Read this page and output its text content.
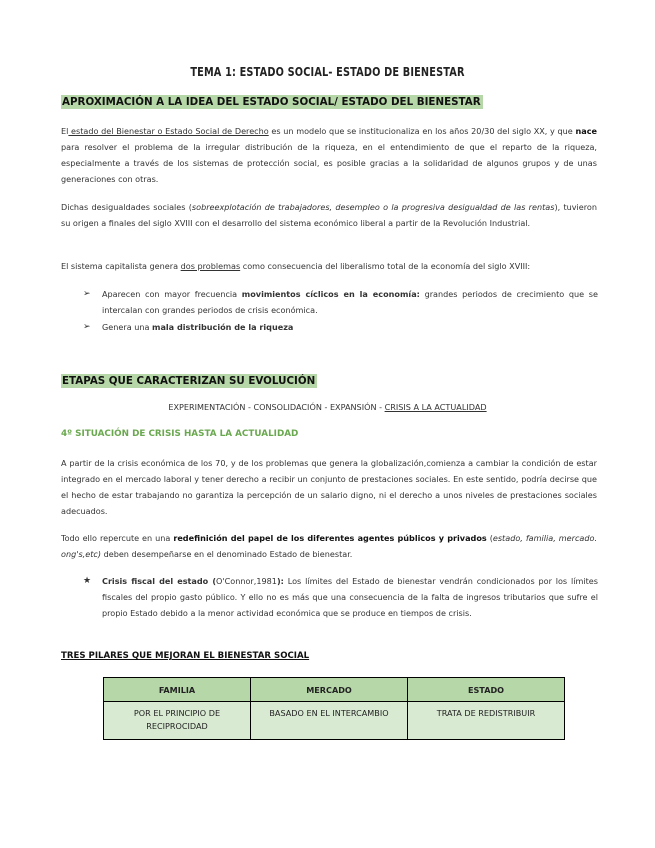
TEMA 1: ESTADO SOCIAL- ESTADO DE BIENESTAR
APROXIMACIÓN A LA IDEA DEL ESTADO SOCIAL/ ESTADO DEL BIENESTAR
El estado del Bienestar o Estado Social de Derecho es un modelo que se institucionaliza en los años 20/30 del siglo XX, y que nace para resolver el problema de la irregular distribución de la riqueza, en el entendimiento de que el reparto de la riqueza, especialmente a través de los sistemas de protección social, es posible gracias a la solidaridad de algunos grupos y de unas generaciones con otras.
Dichas desigualdades sociales (sobreexplotación de trabajadores, desempleo o la progresiva desigualdad de las rentas), tuvieron su origen a finales del siglo XVIII con el desarrollo del sistema económico liberal a partir de la Revolución Industrial.
El sistema capitalista genera dos problemas como consecuencia del liberalismo total de la economía del siglo XVIII:
➢ Aparecen con mayor frecuencia movimientos cíclicos en la economía: grandes periodos de crecimiento que se intercalan con grandes periodos de crisis económica.
➢ Genera una mala distribución de la riqueza
ETAPAS QUE CARACTERIZAN SU EVOLUCIÓN
EXPERIMENTACIÓN - CONSOLIDACIÓN - EXPANSIÓN - CRISIS A LA ACTUALIDAD
4º SITUACIÓN DE CRISIS HASTA LA ACTUALIDAD
A partir de la crisis económica de los 70, y de los problemas que genera la globalización,comienza a cambiar la condición de estar integrado en el mercado laboral y tener derecho a recibir un conjunto de prestaciones sociales. En este sentido, podría decirse que el hecho de estar trabajando no garantiza la percepción de un salario digno, ni el derecho a unos niveles de prestaciones sociales adecuados.
Todo ello repercute en una redefinición del papel de los diferentes agentes públicos y privados (estado, familia, mercado. ong's,etc) deben desempeñarse en el denominado Estado de bienestar.
★ Crisis fiscal del estado (O'Connor,1981): Los límites del Estado de bienestar vendrán condicionados por los límites fiscales del propio gasto público. Y ello no es más que una consecuencia de la falta de ingresos tributarios que sufre el propio Estado debido a la menor actividad económica que se produce en tiempos de crisis.
TRES PILARES QUE MEJORAN EL BIENESTAR SOCIAL
FAMILIA	MERCADO	ESTADO
POR EL PRINCIPIO DE RECIPROCIDAD	BASADO EN EL INTERCAMBIO	TRATA DE REDISTRIBUIR
